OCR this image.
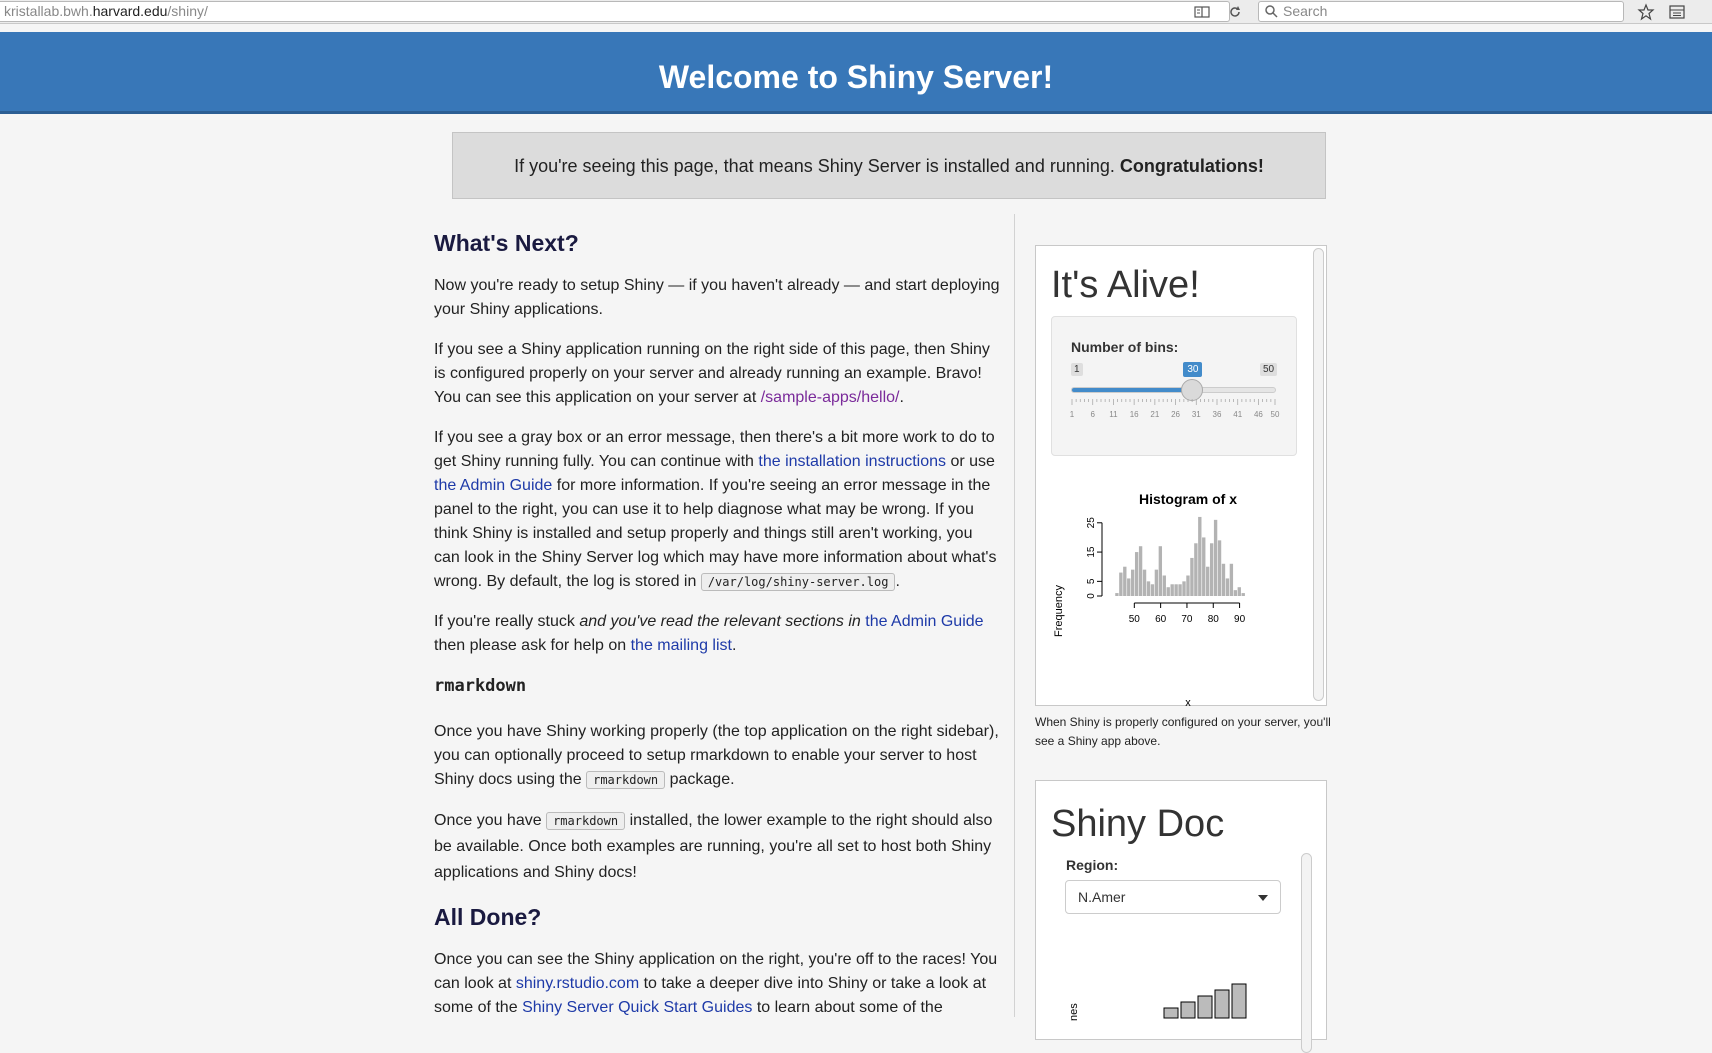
kristallab.bwh.harvard.edu/shiny/	Search
Welcome to Shiny Server!
If you're seeing this page, that means Shiny Server is installed and running. Congratulations!
What's Next?

Now you're ready to setup Shiny — if you haven't already — and start deploying your Shiny applications.

If you see a Shiny application running on the right side of this page, then Shiny is configured properly on your server and already running an example. Bravo! You can see this application on your server at /sample-apps/hello/.

If you see a gray box or an error message, then there's a bit more work to do to get Shiny running fully. You can continue with the installation instructions or use the Admin Guide for more information. If you're seeing an error message in the panel to the right, you can use it to help diagnose what may be wrong. If you think Shiny is installed and setup properly and things still aren't working, you can look in the Shiny Server log which may have more information about what's wrong. By default, the log is stored in /var/log/shiny-server.log .

If you're really stuck and you've read the relevant sections in the Admin Guide then please ask for help on the mailing list.

rmarkdown

Once you have Shiny working properly (the top application on the right sidebar), you can optionally proceed to setup rmarkdown to enable your server to host Shiny docs using the rmarkdown package.

Once you have rmarkdown installed, the lower example to the right should also be available. Once both examples are running, you're all set to host both Shiny applications and Shiny docs!

All Done?

Once you can see the Shiny application on the right, you're off to the races! You can look at shiny.rstudio.com to take a deeper dive into Shiny or take a look at some of the Shiny Server Quick Start Guides to learn about some of the

It's Alive!
Number of bins:
1	30	50
1 6 11 16 21 26 31 36 41 46 50
Histogram of x
Frequency
x
50 60 70 80 90
0
5
15
25
When Shiny is properly configured on your server, you'll see a Shiny app above.
Shiny Doc
Region:
N.Amer
nes
